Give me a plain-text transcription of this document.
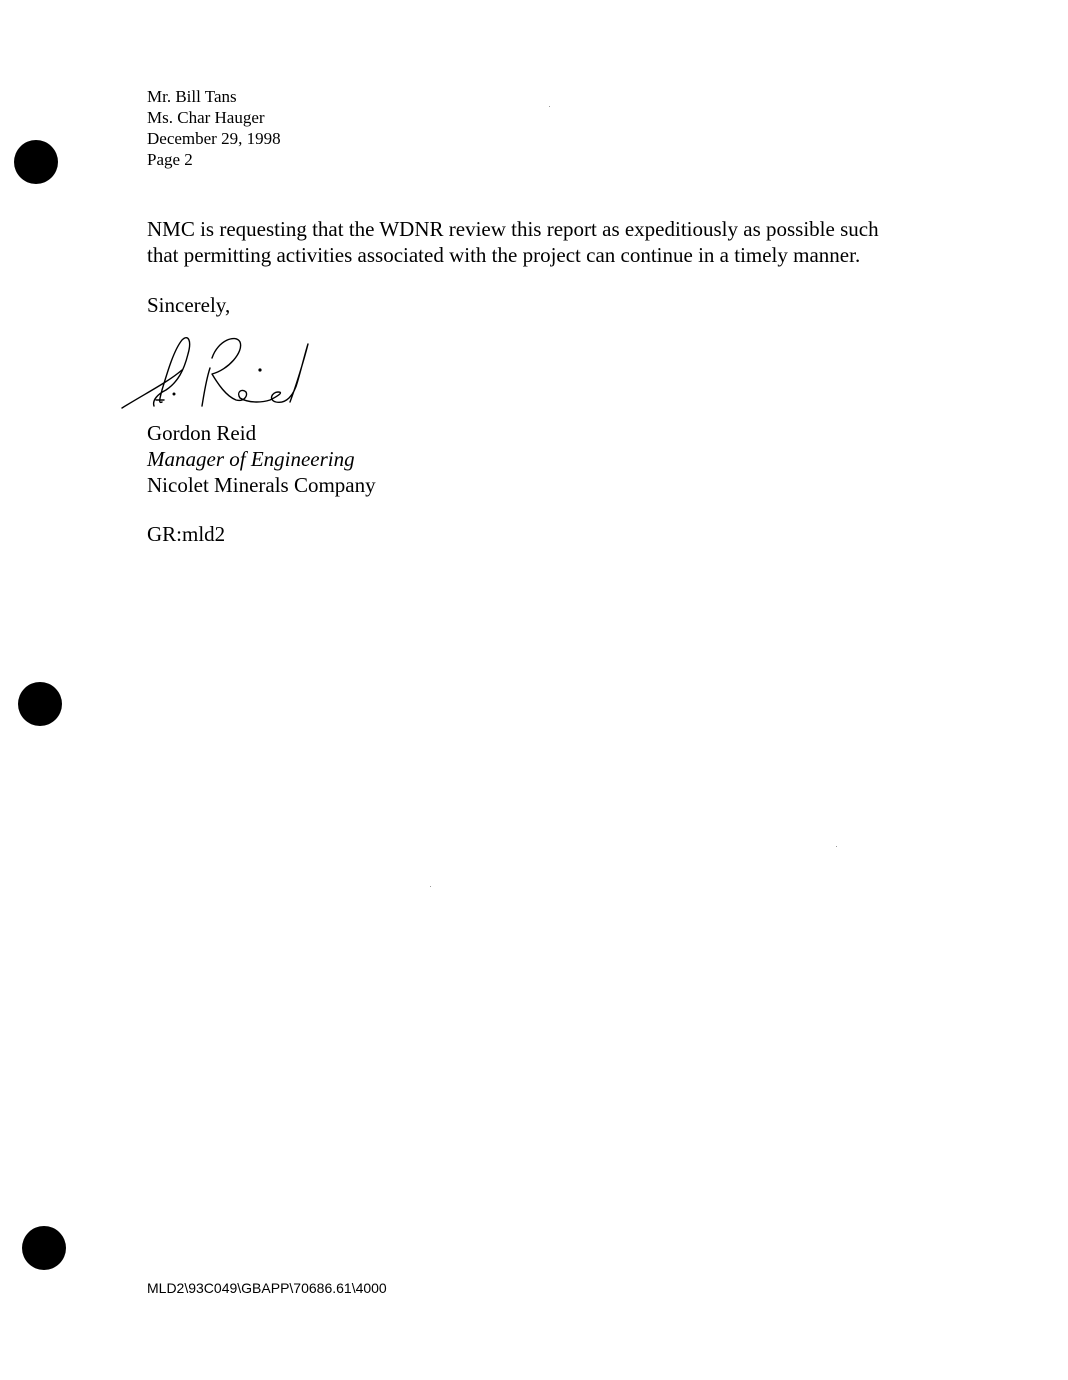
Mr. Bill Tans
Ms. Char Hauger
December 29, 1998
Page 2
NMC is requesting that the WDNR review this report as expeditiously as possible such
that permitting activities associated with the project can continue in a timely manner.
Sincerely,
Gordon Reid
Manager of Engineering
Nicolet Minerals Company
GR:mld2
MLD2\93C049\GBAPP\70686.61\4000
